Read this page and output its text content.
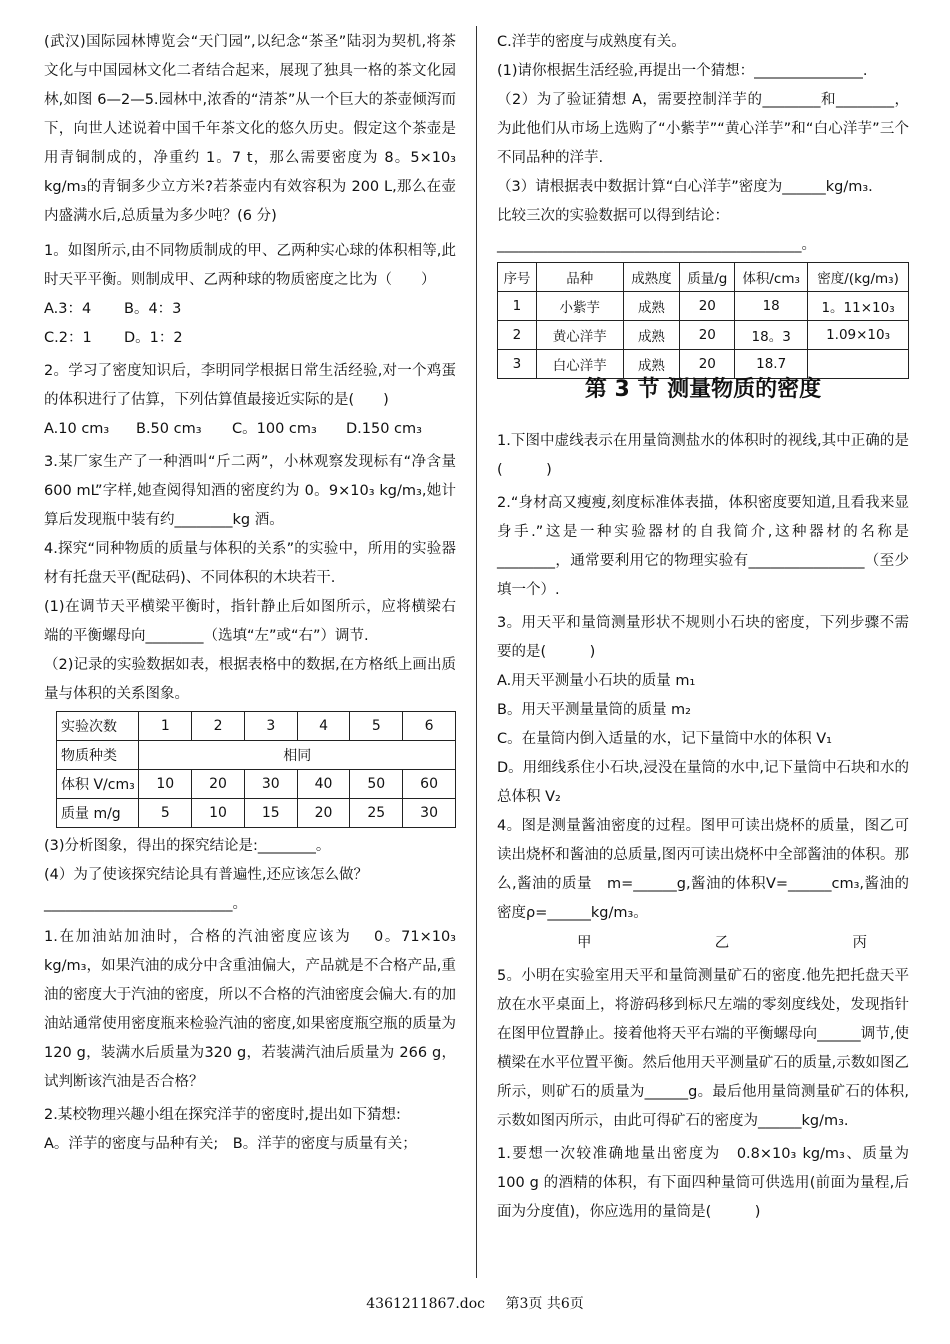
(武汉)国际园林博览会“天门园”,以纪念“茶圣”陆羽为契机,将茶文化与中国园林文化二者结合起来，展现了独具一格的茶文化园林,如图 6—2—5.园林中,浓香的“清茶”从一个巨大的茶壶倾泻而下，向世人述说着中国千年茶文化的悠久历史。假定这个茶壶是用青铜制成的，净重约 1。7 t，那么需要密度为 8。5×10₃ kg/m₃的青铜多少立方米?若茶壶内有效容积为 200 L,那么在壶内盛满水后,总质量为多少吨？(6 分)

1。如图所示,由不同物质制成的甲、乙两种实心球的体积相等,此时天平平衡。则制成甲、乙两种球的物质密度之比为（　　）

A.3：4	B。4：3

C.2：1	D。1：2

2。学习了密度知识后，李明同学根据日常生活经验,对一个鸡蛋的体积进行了估算，下列估算值最接近实际的是(　　)

A.10 cm₃	B.50 cm₃	C。100 cm₃	D.150 cm₃

3.某厂家生产了一种酒叫“斤二两”，小林观察发现标有“净含量 600 mL”字样,她查阅得知酒的密度约为 0。9×10₃ kg/m₃,她计算后发现瓶中装有约________kg 酒。

4.探究“同种物质的质量与体积的关系”的实验中，所用的实验器材有托盘天平(配砝码)、不同体积的木块若干.

(1)在调节天平横梁平衡时，指针静止后如图所示，应将横梁右端的平衡螺母向________（选填“左”或“右”）调节.

（2)记录的实验数据如表，根据表格中的数据,在方格纸上画出质量与体积的关系图象。

实验次数	1	2	3	4	5	6
物质种类	相同					
体积 V/cm₃	10	20	30	40	50	60
质量 m/g	5	10	15	20	25	30

(3)分析图象，得出的探究结论是:________。

(4）为了使该探究结论具有普遍性,还应该怎么做？

__________________________。

1.在加油站加油时，合格的汽油密度应该为　 0。71×10₃ kg/m₃，如果汽油的成分中含重油偏大，产品就是不合格产品,重油的密度大于汽油的密度，所以不合格的汽油密度会偏大.有的加油站通常使用密度瓶来检验汽油的密度,如果密度瓶空瓶的质量为　120 g，装满水后质量为320 g，若装满汽油后质量为 266 g，试判断该汽油是否合格？

2.某校物理兴趣小组在探究洋芋的密度时,提出如下猜想:

A。洋芋的密度与品种有关;　B。洋芋的密度与质量有关；

C.洋芋的密度与成熟度有关。

(1)请你根据生活经验,再提出一个猜想：_______________.

（2）为了验证猜想 A，需要控制洋芋的________和________，为此他们从市场上选购了“小紫芋”“黄心洋芋”和“白心洋芋”三个不同品种的洋芋.

（3）请根据表中数据计算“白心洋芋”密度为______kg/m₃.

比较三次的实验数据可以得到结论：

__________________________________________。

序号	品种	成熟度	质量/g	体积/cm₃	密度/(kg/m₃)
1	小紫芋	成熟	20	18	1。11×10₃
2	黄心洋芋	成熟	20	18。3	1.09×10₃
3	白心洋芋	成熟	20	18.7	
第 3 节 测量物质的密度

1.下图中虚线表示在用量筒测盐水的体积时的视线,其中正确的是(　　　)

2.“身材高又瘦瘦,刻度标准体表描，体积密度要知道,且看我来显身手.”这是一种实验器材的自我简介,这种器材的名称是________，通常要利用它的物理实验有________________（至少填一个）.

3。用天平和量筒测量形状不规则小石块的密度，下列步骤不需要的是(　　　)

A.用天平测量小石块的质量 m₁

B。用天平测量量筒的质量 m₂

C。在量筒内倒入适量的水，记下量筒中水的体积 V₁

D。用细线系住小石块,浸没在量筒的水中,记下量筒中石块和水的总体积 V₂

4。图是测量酱油密度的过程。图甲可读出烧杯的质量，图乙可读出烧杯和酱油的总质量,图丙可读出烧杯中全部酱油的体积。那么,酱油的质量　m=______g,酱油的体积V=______cm₃,酱油的密度ρ=______kg/m₃。

甲	乙	丙

5。小明在实验室用天平和量筒测量矿石的密度.他先把托盘天平放在水平桌面上，将游码移到标尺左端的零刻度线处，发现指针在图甲位置静止。接着他将天平右端的平衡螺母向______调节,使横梁在水平位置平衡。然后他用天平测量矿石的质量,示数如图乙所示，则矿石的质量为______g。最后他用量筒测量矿石的体积,示数如图丙所示，由此可得矿石的密度为______kg/m₃.

1.要想一次较准确地量出密度为　0.8×10₃ kg/m₃、质量为 100 g 的酒精的体积，有下面四种量筒可供选用(前面为量程,后面为分度值)，你应选用的量筒是(　　　)

4361211867.doc 第3页 共6页
